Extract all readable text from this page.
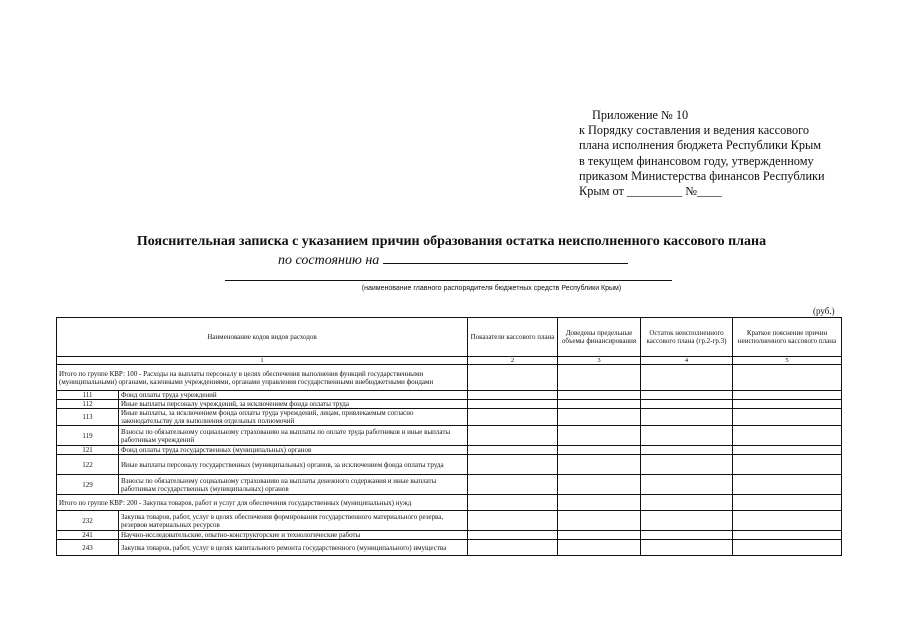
Приложение № 10
к Порядку составления и ведения кассового
плана исполнения бюджета Республики Крым
в текущем финансовом году, утвержденному
приказом Министерства финансов Республики
Крым от _________ №____
Пояснительная записка с указанием причин образования остатка неисполненного кассового плана
по состоянию на
(наименование главного распорядителя бюджетных средств Республики Крым)
(руб.)
Наименование кодов видов расходов		Показатели кассового плана	Доведены предельные объемы финансирования	Остаток неисполненного кассового плана (гр.2-гр.3)	Краткое пояснение причин неисполненного кассового плана
1		2	3	4	5
Итого по группе КВР: 100 - Расходы на выплаты персоналу в целях обеспечения выполнения функций государственными (муниципальными) органами, казенными учреждениями, органами управления государственными внебюджетными фондами					
111	Фонд оплаты труда учреждений				
112	Иные выплаты персоналу учреждений, за исключением фонда оплаты труда				
113	Иные выплаты, за исключением фонда оплаты труда учреждений, лицам, привлекаемым согласно законодательству для выполнения отдельных полномочий				
119	Взносы по обязательному социальному страхованию на выплаты по оплате труда работников и иные выплаты работникам учреждений				
121	Фонд оплаты труда государственных (муниципальных) органов				
122	Иные выплаты персоналу государственных (муниципальных) органов, за исключением фонда оплаты труда				
129	Взносы по обязательному социальному страхованию на выплаты денежного содержания и иные выплаты работникам государственных (муниципальных) органов				
Итого по группе КВР: 200 - Закупка товаров, работ и услуг для обеспечения государственных (муниципальных) нужд					
232	Закупка товаров, работ, услуг в целях обеспечения формирования государственного материального резерва, резервов материальных ресурсов				
241	Научно-исследовательские, опытно-конструкторские и технологические работы				
243	Закупка товаров, работ, услуг в целях капитального ремонта государственного (муниципального) имущества				
